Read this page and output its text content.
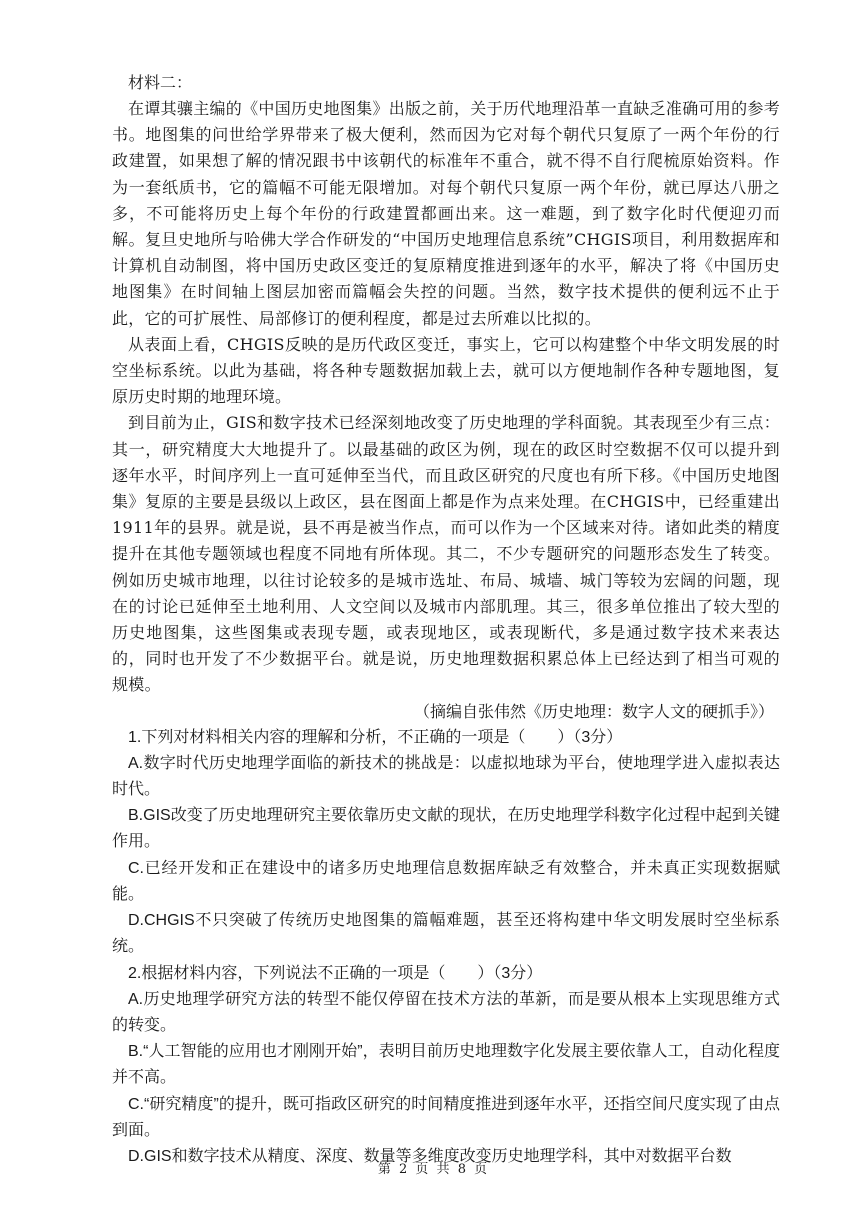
材料二：

在谭其骧主编的《中国历史地图集》出版之前，关于历代地理沿革一直缺乏准确可用的参考书。地图集的问世给学界带来了极大便利，然而因为它对每个朝代只复原了一两个年份的行政建置，如果想了解的情况跟书中该朝代的标准年不重合，就不得不自行爬梳原始资料。作为一套纸质书，它的篇幅不可能无限增加。对每个朝代只复原一两个年份，就已厚达八册之多，不可能将历史上每个年份的行政建置都画出来。这一难题，到了数字化时代便迎刃而解。复旦史地所与哈佛大学合作研发的“中国历史地理信息系统”CHGIS项目，利用数据库和计算机自动制图，将中国历史政区变迁的复原精度推进到逐年的水平，解决了将《中国历史地图集》在时间轴上图层加密而篇幅会失控的问题。当然，数字技术提供的便利远不止于此，它的可扩展性、局部修订的便利程度，都是过去所难以比拟的。

从表面上看，CHGIS反映的是历代政区变迁，事实上，它可以构建整个中华文明发展的时空坐标系统。以此为基础，将各种专题数据加载上去，就可以方便地制作各种专题地图，复原历史时期的地理环境。

到目前为止，GIS和数字技术已经深刻地改变了历史地理的学科面貌。其表现至少有三点：其一，研究精度大大地提升了。以最基础的政区为例，现在的政区时空数据不仅可以提升到逐年水平，时间序列上一直可延伸至当代，而且政区研究的尺度也有所下移。《中国历史地图集》复原的主要是县级以上政区，县在图面上都是作为点来处理。在CHGIS中，已经重建出1911年的县界。就是说，县不再是被当作点，而可以作为一个区域来对待。诸如此类的精度提升在其他专题领域也程度不同地有所体现。其二，不少专题研究的问题形态发生了转变。例如历史城市地理，以往讨论较多的是城市选址、布局、城墙、城门等较为宏阔的问题，现在的讨论已延伸至土地利用、人文空间以及城市内部肌理。其三，很多单位推出了较大型的历史地图集，这些图集或表现专题，或表现地区，或表现断代，多是通过数字技术来表达的，同时也开发了不少数据平台。就是说，历史地理数据积累总体上已经达到了相当可观的规模。

（摘编自张伟然《历史地理：数字人文的硬抓手》）

1.下列对材料相关内容的理解和分析，不正确的一项是（　　）（3分）

A.数字时代历史地理学面临的新技术的挑战是：以虚拟地球为平台，使地理学进入虚拟表达时代。

B.GIS改变了历史地理研究主要依靠历史文献的现状，在历史地理学科数字化过程中起到关键作用。

C.已经开发和正在建设中的诸多历史地理信息数据库缺乏有效整合，并未真正实现数据赋能。

D.CHGIS不只突破了传统历史地图集的篇幅难题，甚至还将构建中华文明发展时空坐标系统。

2.根据材料内容，下列说法不正确的一项是（　　）（3分）

A.历史地理学研究方法的转型不能仅停留在技术方法的革新，而是要从根本上实现思维方式的转变。

B.“人工智能的应用也才刚刚开始”，表明目前历史地理数字化发展主要依靠人工，自动化程度并不高。

C.“研究精度”的提升，既可指政区研究的时间精度推进到逐年水平，还指空间尺度实现了由点到面。

D.GIS和数字技术从精度、深度、数量等多维度改变历史地理学科，其中对数据平台数

第 2 页 共 8 页
